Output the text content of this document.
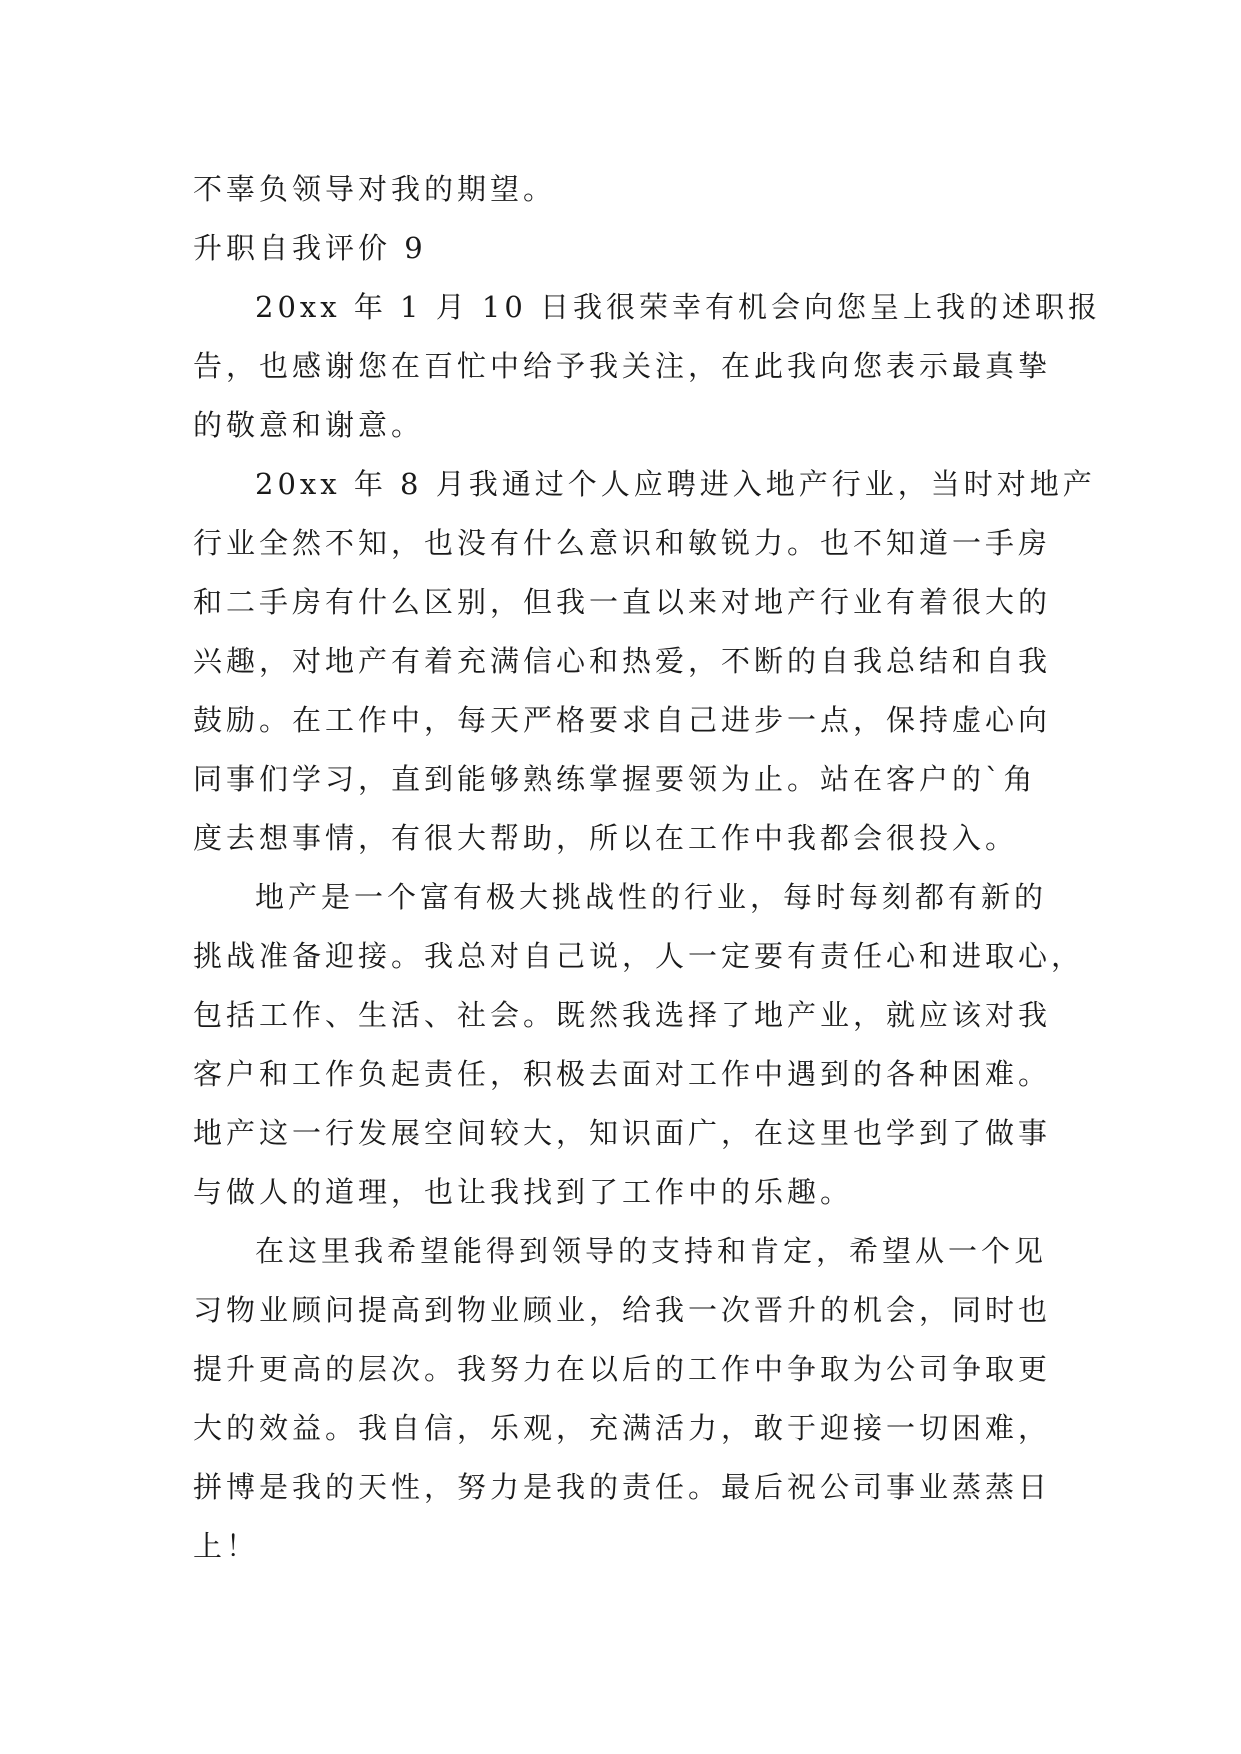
不辜负领导对我的期望。
升职自我评价 9
20xx 年 1 月 10 日我很荣幸有机会向您呈上我的述职报
告，也感谢您在百忙中给予我关注，在此我向您表示最真挚
的敬意和谢意。
20xx 年 8 月我通过个人应聘进入地产行业，当时对地产
行业全然不知，也没有什么意识和敏锐力。也不知道一手房
和二手房有什么区别，但我一直以来对地产行业有着很大的
兴趣，对地产有着充满信心和热爱，不断的自我总结和自我
鼓励。在工作中，每天严格要求自己进步一点，保持虚心向
同事们学习，直到能够熟练掌握要领为止。站在客户的`角
度去想事情，有很大帮助，所以在工作中我都会很投入。
地产是一个富有极大挑战性的行业，每时每刻都有新的
挑战准备迎接。我总对自己说，人一定要有责任心和进取心，
包括工作、生活、社会。既然我选择了地产业，就应该对我
客户和工作负起责任，积极去面对工作中遇到的各种困难。
地产这一行发展空间较大，知识面广，在这里也学到了做事
与做人的道理，也让我找到了工作中的乐趣。
在这里我希望能得到领导的支持和肯定，希望从一个见
习物业顾问提高到物业顾业，给我一次晋升的机会，同时也
提升更高的层次。我努力在以后的工作中争取为公司争取更
大的效益。我自信，乐观，充满活力，敢于迎接一切困难，
拼博是我的天性，努力是我的责任。最后祝公司事业蒸蒸日
上！
